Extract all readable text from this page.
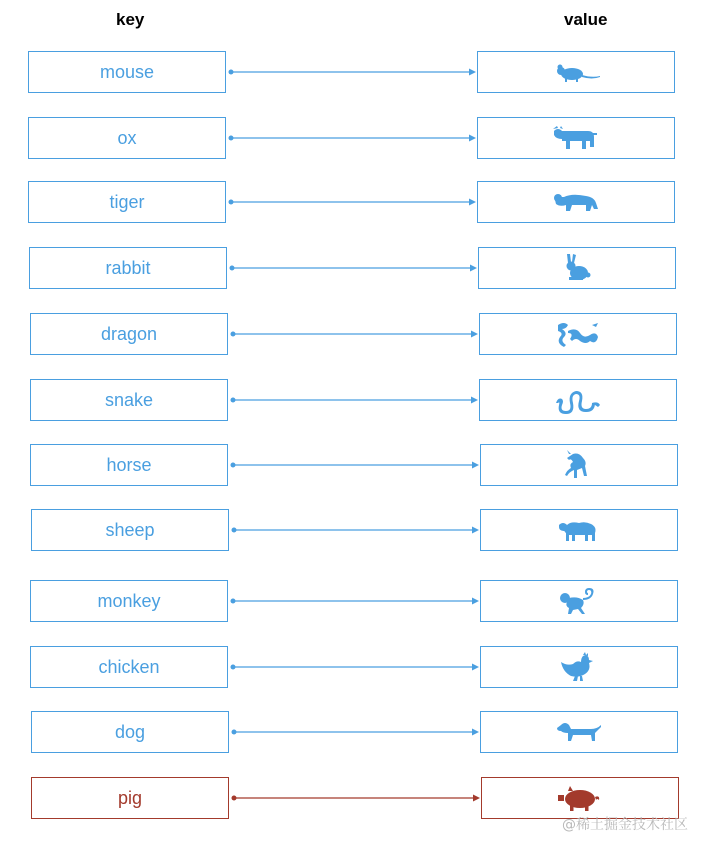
key	value
mouse
ox
tiger
rabbit
dragon
snake
horse
sheep
monkey
chicken
dog
pig
@稀土掘金技术社区
